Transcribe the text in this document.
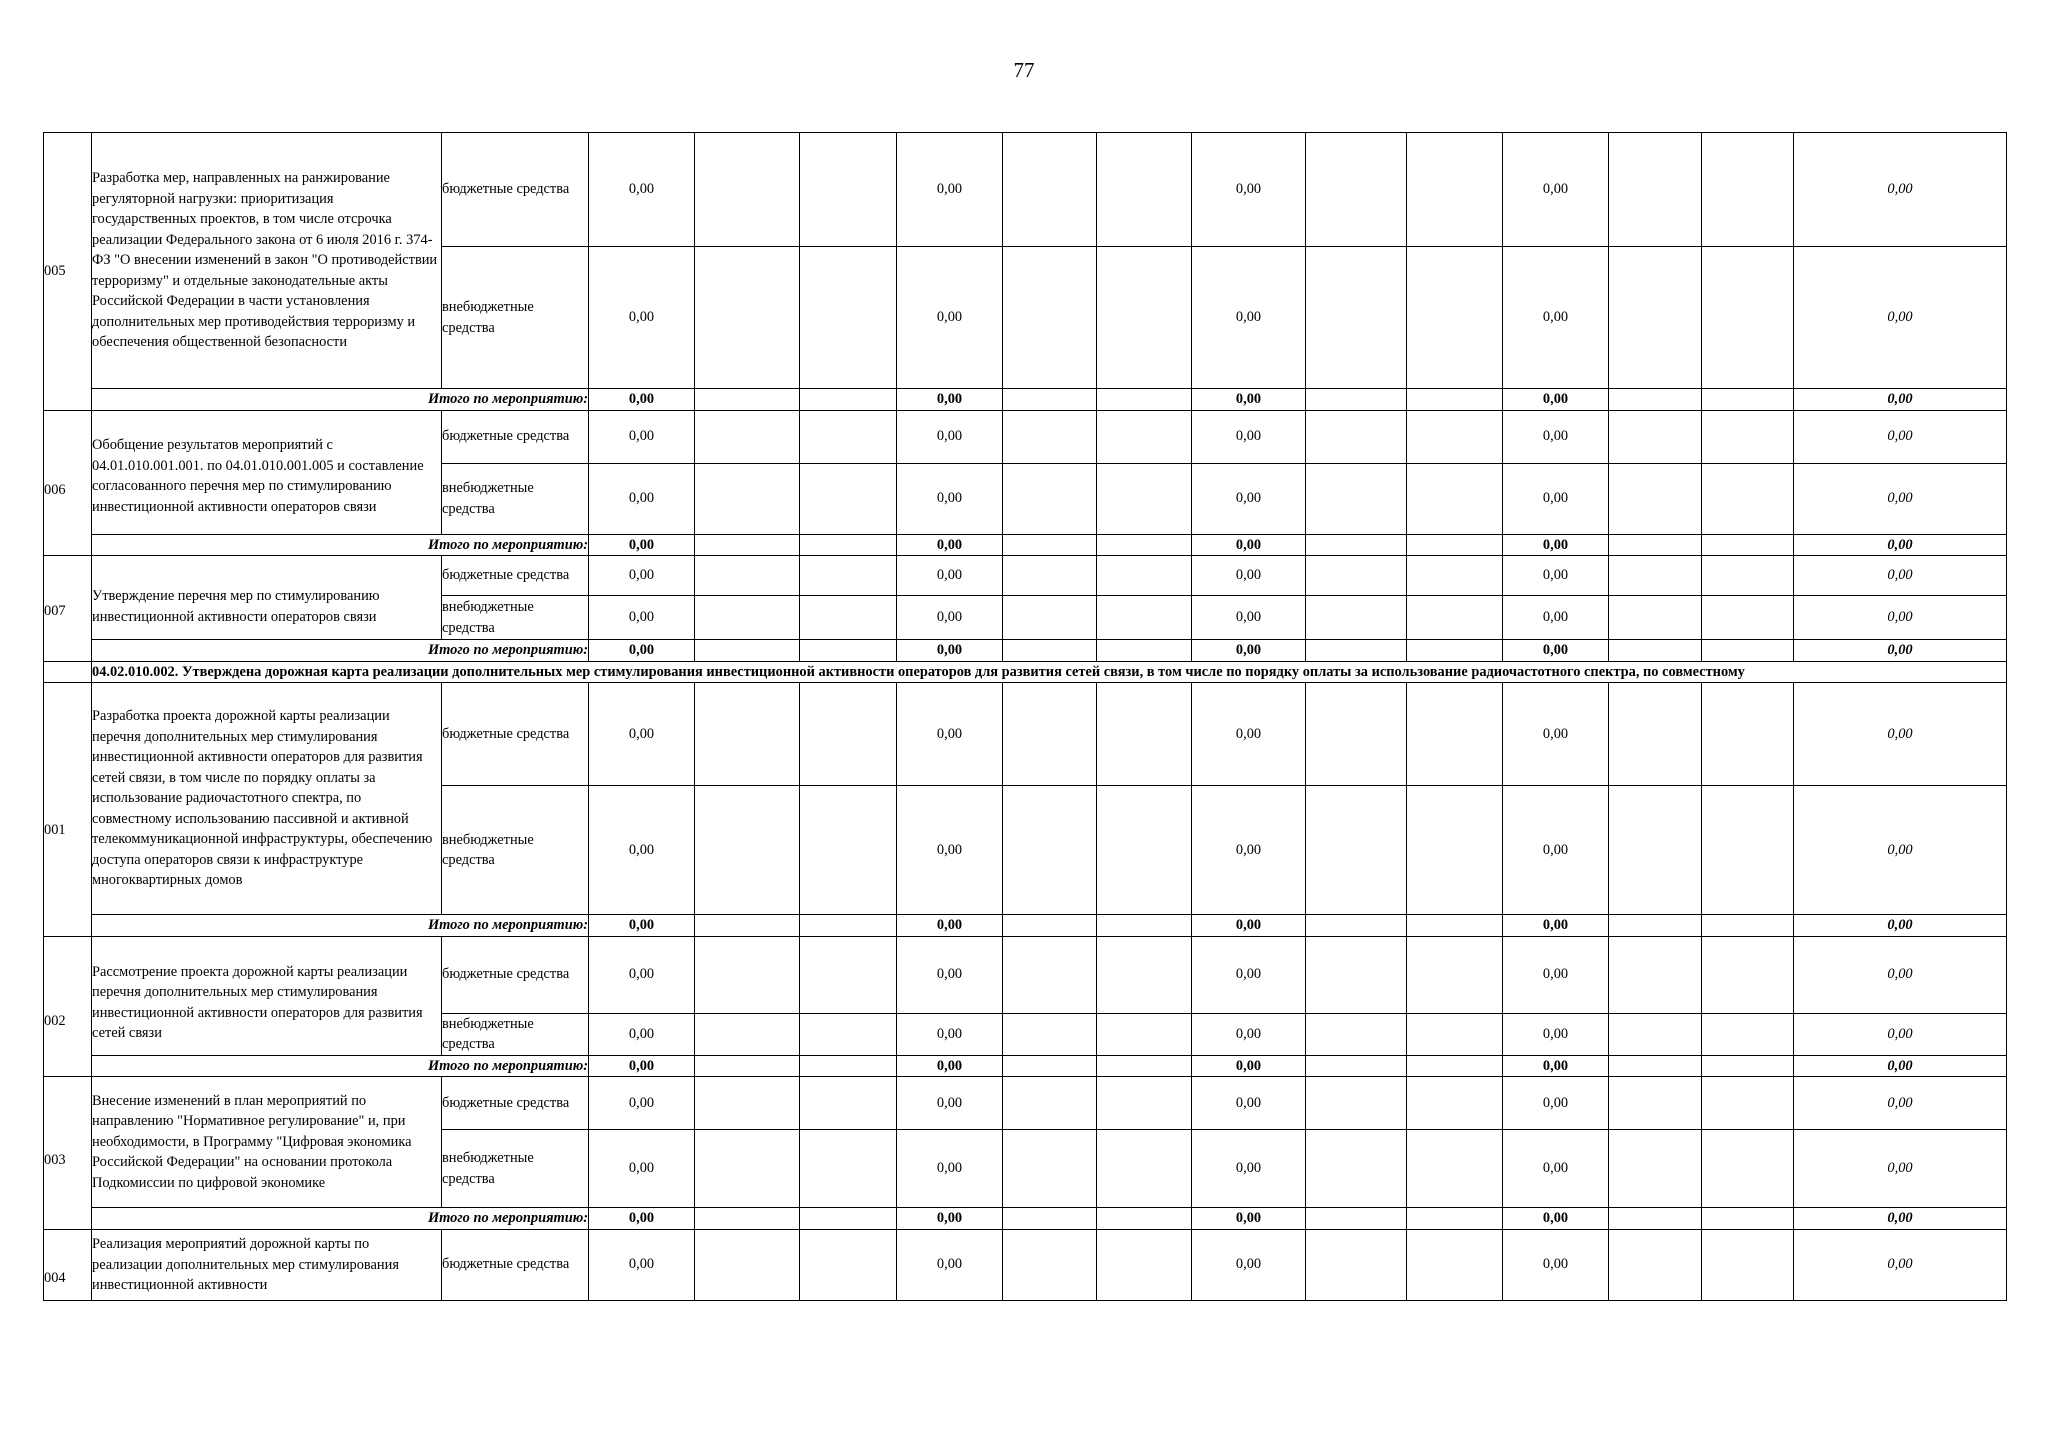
77
005	Разработка мер, направленных на ранжирование регуляторной нагрузки: приоритизация государственных проектов, в том числе отсрочка реализации Федерального закона от 6 июля 2016 г. 374-ФЗ "О внесении изменений в закон "О противодействии терроризму" и отдельные законодательные акты Российской Федерации в части установления дополнительных мер противодействия терроризму и обеспечения общественной безопасности	бюджетные средства	0,00			0,00			0,00			0,00			0,00
		внебюджетные средства	0,00			0,00			0,00			0,00			0,00
	Итого по мероприятию:		0,00			0,00			0,00			0,00			0,00
006	Обобщение результатов мероприятий с 04.01.010.001.001. по 04.01.010.001.005 и составление согласованного перечня мер по стимулированию инвестиционной активности операторов связи	бюджетные средства	0,00			0,00			0,00			0,00			0,00
		внебюджетные средства	0,00			0,00			0,00			0,00			0,00
	Итого по мероприятию:		0,00			0,00			0,00			0,00			0,00
007	Утверждение перечня мер по стимулированию инвестиционной активности операторов связи	бюджетные средства	0,00			0,00			0,00			0,00			0,00
		внебюджетные средства	0,00			0,00			0,00			0,00			0,00
	Итого по мероприятию:		0,00			0,00			0,00			0,00			0,00
	04.02.010.002. Утверждена дорожная карта реализации дополнительных мер стимулирования инвестиционной активности операторов для развития сетей связи, в том числе по порядку оплаты за использование радиочастотного спектра, по совместному														
001	Разработка проекта дорожной карты реализации перечня дополнительных мер стимулирования инвестиционной активности операторов для развития сетей связи, в том числе по порядку оплаты за использование радиочастотного спектра, по совместному использованию пассивной и активной телекоммуникационной инфраструктуры, обеспечению доступа операторов связи к инфраструктуре многоквартирных домов	бюджетные средства	0,00			0,00			0,00			0,00			0,00
		внебюджетные средства	0,00			0,00			0,00			0,00			0,00
	Итого по мероприятию:		0,00			0,00			0,00			0,00			0,00
002	Рассмотрение проекта дорожной карты реализации перечня дополнительных мер стимулирования инвестиционной активности операторов для развития сетей связи	бюджетные средства	0,00			0,00			0,00			0,00			0,00
		внебюджетные средства	0,00			0,00			0,00			0,00			0,00
	Итого по мероприятию:		0,00			0,00			0,00			0,00			0,00
003	Внесение изменений в план мероприятий по направлению "Нормативное регулирование" и, при необходимости, в Программу "Цифровая экономика Российской Федерации" на основании протокола Подкомиссии по цифровой экономике	бюджетные средства	0,00			0,00			0,00			0,00			0,00
		внебюджетные средства	0,00			0,00			0,00			0,00			0,00
	Итого по мероприятию:		0,00			0,00			0,00			0,00			0,00
004	Реализация мероприятий дорожной карты по реализации дополнительных мер стимулирования инвестиционной активности	бюджетные средства	0,00			0,00			0,00			0,00			0,00
